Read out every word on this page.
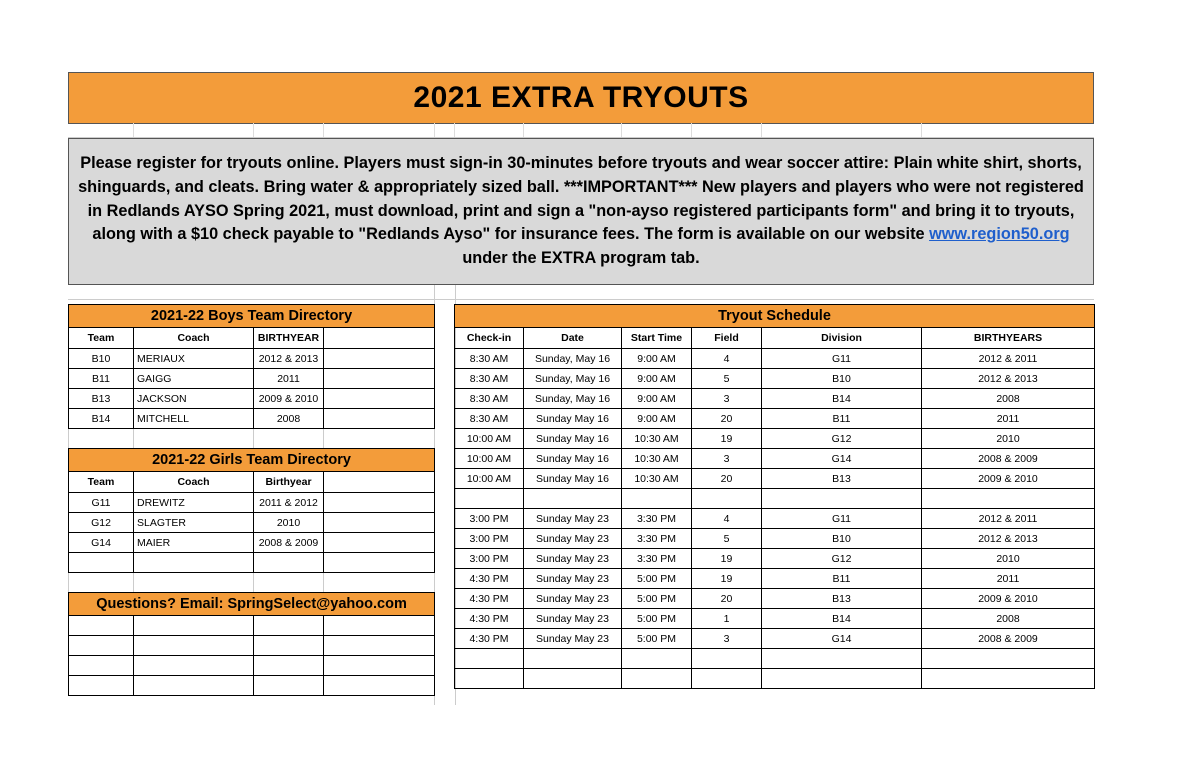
2021 EXTRA TRYOUTS

Please register for tryouts online. Players must sign-in 30-minutes before tryouts and wear soccer attire: Plain white shirt, shorts, shinguards, and cleats. Bring water & appropriately sized ball. ***IMPORTANT*** New players and players who were not registered in Redlands AYSO Spring 2021, must download, print and sign a "non-ayso registered participants form" and bring it to tryouts, along with a $10 check payable to "Redlands Ayso" for insurance fees. The form is available on our website www.region50.org under the EXTRA program tab.

2021-22 Boys Team Directory			
Team	Coach	BIRTHYEAR	
B10	MERIAUX	2012 & 2013	
B11	GAIGG	2011	
B13	JACKSON	2009 & 2010	
B14	MITCHELL	2008	

2021-22 Girls Team Directory			
Team	Coach	Birthyear	
G11	DREWITZ	2011 & 2012	
G12	SLAGTER	2010	
G14	MAIER	2008 & 2009	

Questions? Email: SpringSelect@yahoo.com			

Tryout Schedule					
Check-in	Date	Start Time	Field	Division	BIRTHYEARS
8:30 AM	Sunday, May 16	9:00 AM	4	G11	2012 & 2011
8:30 AM	Sunday, May 16	9:00 AM	5	B10	2012 & 2013
8:30 AM	Sunday, May 16	9:00 AM	3	B14	2008
8:30 AM	Sunday May 16	9:00 AM	20	B11	2011
10:00 AM	Sunday May 16	10:30 AM	19	G12	2010
10:00 AM	Sunday May 16	10:30 AM	3	G14	2008 & 2009
10:00 AM	Sunday May 16	10:30 AM	20	B13	2009 & 2010

3:00 PM	Sunday May 23	3:30 PM	4	G11	2012 & 2011
3:00 PM	Sunday May 23	3:30 PM	5	B10	2012 & 2013
3:00 PM	Sunday May 23	3:30 PM	19	G12	2010
4:30 PM	Sunday May 23	5:00 PM	19	B11	2011
4:30 PM	Sunday May 23	5:00 PM	20	B13	2009 & 2010
4:30 PM	Sunday May 23	5:00 PM	1	B14	2008
4:30 PM	Sunday May 23	5:00 PM	3	G14	2008 & 2009
